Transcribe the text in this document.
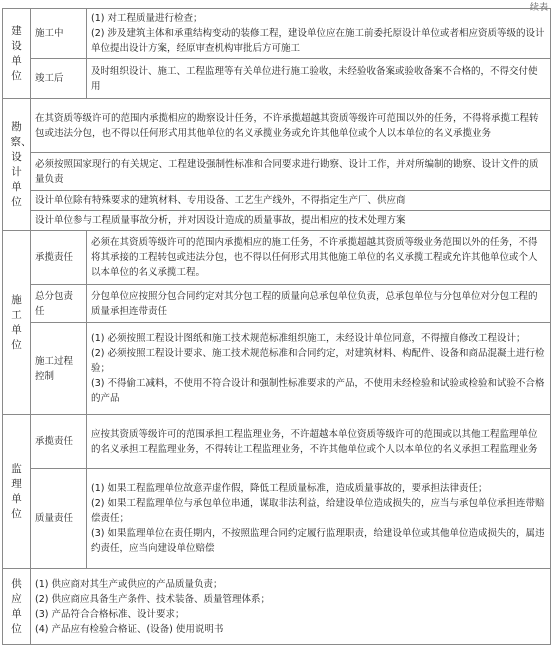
续表
建设单位	施工中	(1) 对工程质量进行检查；
(2) 涉及建筑主体和承重结构变动的装修工程，建设单位应在施工前委托原设计单位或者相应资质等级的设计单位提出设计方案，经原审查机构审批后方可施工

	竣工后	及时组织设计、施工、工程监理等有关单位进行施工验收，未经验收备案或验收备案不合格的，不得交付使用

勘察、设计单位	在其资质等级许可的范围内承揽相应的勘察设计任务，不许承揽超越其资质等级许可范围以外的任务，不得将承揽工程转包或违法分包，也不得以任何形式用其他单位的名义承揽业务或允许其他单位或个人以本单位的名义承揽业务	
	必须按照国家现行的有关规定、工程建设强制性标准和合同要求进行勘察、设计工作，并对所编制的勘察、设计文件的质量负责	
	设计单位除有特殊要求的建筑材料、专用设备、工艺生产线外，不得指定生产厂、供应商	
	设计单位参与工程质量事故分析，并对因设计造成的质量事故，提出相应的技术处理方案	

施工单位	承揽责任	必须在其资质等级许可的范围内承揽相应的施工任务，不许承揽超越其资质等级业务范围以外的任务，不得将其承接的工程转包或违法分包，也不得以任何形式用其他施工单位的名义承揽工程或允许其他单位或个人以本单位的名义承揽工程。

	总分包责任	分包单位应按照分包合同约定对其分包工程的质量向总承包单位负责，总承包单位与分包单位对分包工程的质量承担连带责任

	施工过程控制	(1) 必须按照工程设计图纸和施工技术规范标准组织施工，未经设计单位同意，不得擅自修改工程设计；
(2) 必须按照工程设计要求、施工技术规范标准和合同约定，对建筑材料、构配件、设备和商品混凝土进行检验；
(3) 不得偷工减料，不使用不符合设计和强制性标准要求的产品，不使用未经检验和试验或检验和试验不合格的产品

监理单位	承揽责任	应按其资质等级许可的范围承担工程监理业务，不许超越本单位资质等级许可的范围或以其他工程监理单位的名义承担工程监理业务，不得转让工程监理业务，不许其他单位或个人以本单位的名义承担工程监理业务

	质量责任	(1) 如果工程监理单位故意弄虚作假，降低工程质量标准，造成质量事故的，要承担法律责任；
(2) 如果工程监理单位与承包单位串通，谋取非法利益，给建设单位造成损失的，应当与承包单位承担连带赔偿责任；
(3) 如果监理单位在责任期内，不按照监理合同约定履行监理职责，给建设单位或其他单位造成损失的，属违约责任，应当向建设单位赔偿

供应单位	(1) 供应商对其生产或供应的产品质量负责；
(2) 供应商应具备生产条件、技术装备、质量管理体系；
(3) 产品符合合格标准、设计要求；
(4) 产品应有检验合格证、(设备) 使用说明书	
